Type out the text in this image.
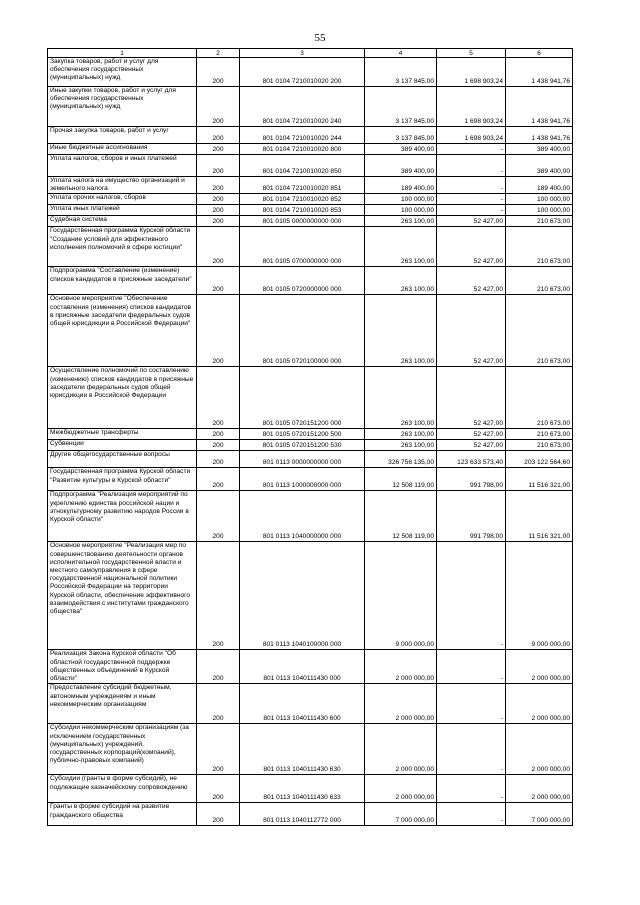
55
1	2	3	4	5	6
Закупка товаров, работ и услуг для обеспечения государственных (муниципальных) нужд	200	801 0104 7210010020 200	3 137 845,00	1 698 903,24	1 438 941,76
Иные закупки товаров, работ и услуг для обеспечения государственных (муниципальных) нужд	200	801 0104 7210010020 240	3 137 845,00	1 698 903,24	1 438 941,76
Прочая закупка товаров, работ и услуг	200	801 0104 7210010020 244	3 137 845,00	1 698 903,24	1 438 941,76
Иные бюджетные ассигнования	200	801 0104 7210010020 800	389 400,00	-	389 400,00
Уплата налогов, сборов и иных платежей	200	801 0104 7210010020 850	389 400,00	-	389 400,00
Уплата налога на имущество организаций и земельного налога	200	801 0104 7210010020 851	189 400,00	-	189 400,00
Уплата прочих налогов, сборов	200	801 0104 7210010020 852	100 000,00	-	100 000,00
Уплата иных платежей	200	801 0104 7210010020 853	100 000,00	-	100 000,00
Судебная система	200	801 0105 0000000000 000	263 100,00	52 427,00	210 673,00
Государственная программа Курской области "Создание условий для эффективного исполнения полномочий в сфере юстиции"	200	801 0105 0700000000 000	263 100,00	52 427,00	210 673,00
Подпрограмма "Составление (изменение) списков кандидатов в присяжные заседатели"	200	801 0105 0720000000 000	263 100,00	52 427,00	210 673,00
Основное мероприятие "Обеспечение составления (изменения) списков кандидатов в присяжные заседатели федеральных судов общей юрисдикции в Российской Федерации"	200	801 0105 0720100000 000	263 100,00	52 427,00	210 673,00
Осуществление полномочий по составлению (изменению) списков кандидатов в присяжные заседатели федеральных судов общей юрисдикции в Российской Федерации	200	801 0105 0720151200 000	263 100,00	52 427,00	210 673,00
Межбюджетные трансферты	200	801 0105 0720151200 500	263 100,00	52 427,00	210 673,00
Субвенции	200	801 0105 0720151200 530	263 100,00	52 427,00	210 673,00
Другие общегосударственные вопросы	200	801 0113 0000000000 000	326 756 135,00	123 633 573,40	203 122 564,60
Государственная программа Курской области "Развитие культуры в Курской области"	200	801 0113 1000000000 000	12 508 119,00	991 798,00	11 516 321,00
Подпрограмма "Реализация мероприятий по укреплению единства российской нации и этнокультурному развитию народов России в Курской области"	200	801 0113 1040000000 000	12 508 119,00	991 798,00	11 516 321,00
Основное мероприятие "Реализация мер по совершенствованию деятельности органов исполнительной государственной власти и местного самоуправления в сфере государственной национальной политики Российской Федерации на территории Курской области, обеспечение эффективного взаимодействия с институтами гражданского общества"	200	801 0113 1040100000 000	9 000 000,00	-	9 000 000,00
Реализация Закона Курской области "Об областной государственной поддержке общественных объединений в Курской области"	200	801 0113 1040111430 000	2 000 000,00	-	2 000 000,00
Предоставление субсидий бюджетным, автономным учреждениям и иным некоммерческим организациям	200	801 0113 1040111430 600	2 000 000,00	-	2 000 000,00
Субсидии некоммерческим организациям (за исключением государственных (муниципальных) учреждений, государственных корпораций(компаний), публично-правовых компаний)	200	801 0113 1040111430 630	2 000 000,00	-	2 000 000,00
Субсидии (гранты в форме субсидий), не подлежащие казначейскому сопровождению	200	801 0113 1040111430 633	2 000 000,00	-	2 000 000,00
Гранты в форме субсидий на развитие гражданского общества	200	801 0113 1040112772 000	7 000 000,00	-	7 000 000,00
